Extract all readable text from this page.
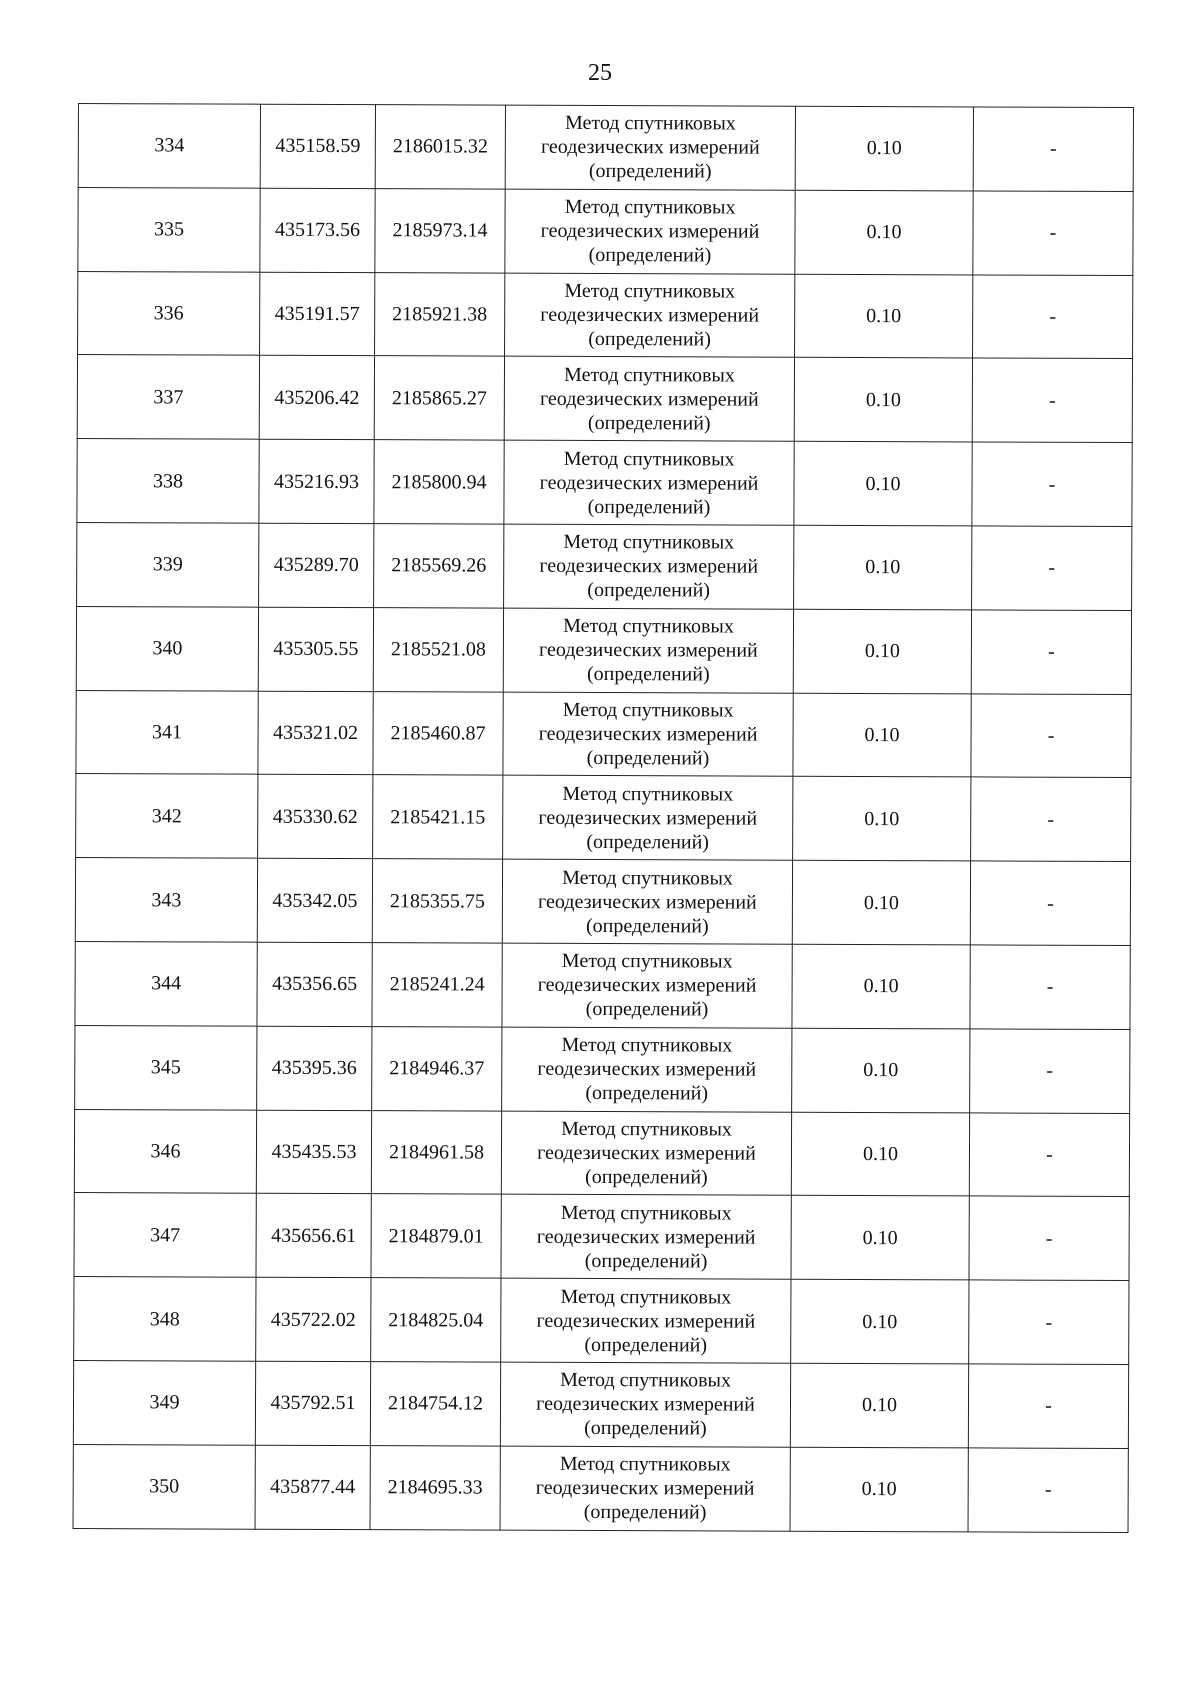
25
334	435158.59	2186015.32	Метод спутниковых
геодезических измерений
(определений)	0.10	-
335	435173.56	2185973.14	Метод спутниковых
геодезических измерений
(определений)	0.10	-
336	435191.57	2185921.38	Метод спутниковых
геодезических измерений
(определений)	0.10	-
337	435206.42	2185865.27	Метод спутниковых
геодезических измерений
(определений)	0.10	-
338	435216.93	2185800.94	Метод спутниковых
геодезических измерений
(определений)	0.10	-
339	435289.70	2185569.26	Метод спутниковых
геодезических измерений
(определений)	0.10	-
340	435305.55	2185521.08	Метод спутниковых
геодезических измерений
(определений)	0.10	-
341	435321.02	2185460.87	Метод спутниковых
геодезических измерений
(определений)	0.10	-
342	435330.62	2185421.15	Метод спутниковых
геодезических измерений
(определений)	0.10	-
343	435342.05	2185355.75	Метод спутниковых
геодезических измерений
(определений)	0.10	-
344	435356.65	2185241.24	Метод спутниковых
геодезических измерений
(определений)	0.10	-
345	435395.36	2184946.37	Метод спутниковых
геодезических измерений
(определений)	0.10	-
346	435435.53	2184961.58	Метод спутниковых
геодезических измерений
(определений)	0.10	-
347	435656.61	2184879.01	Метод спутниковых
геодезических измерений
(определений)	0.10	-
348	435722.02	2184825.04	Метод спутниковых
геодезических измерений
(определений)	0.10	-
349	435792.51	2184754.12	Метод спутниковых
геодезических измерений
(определений)	0.10	-
350	435877.44	2184695.33	Метод спутниковых
геодезических измерений
(определений)	0.10	-
